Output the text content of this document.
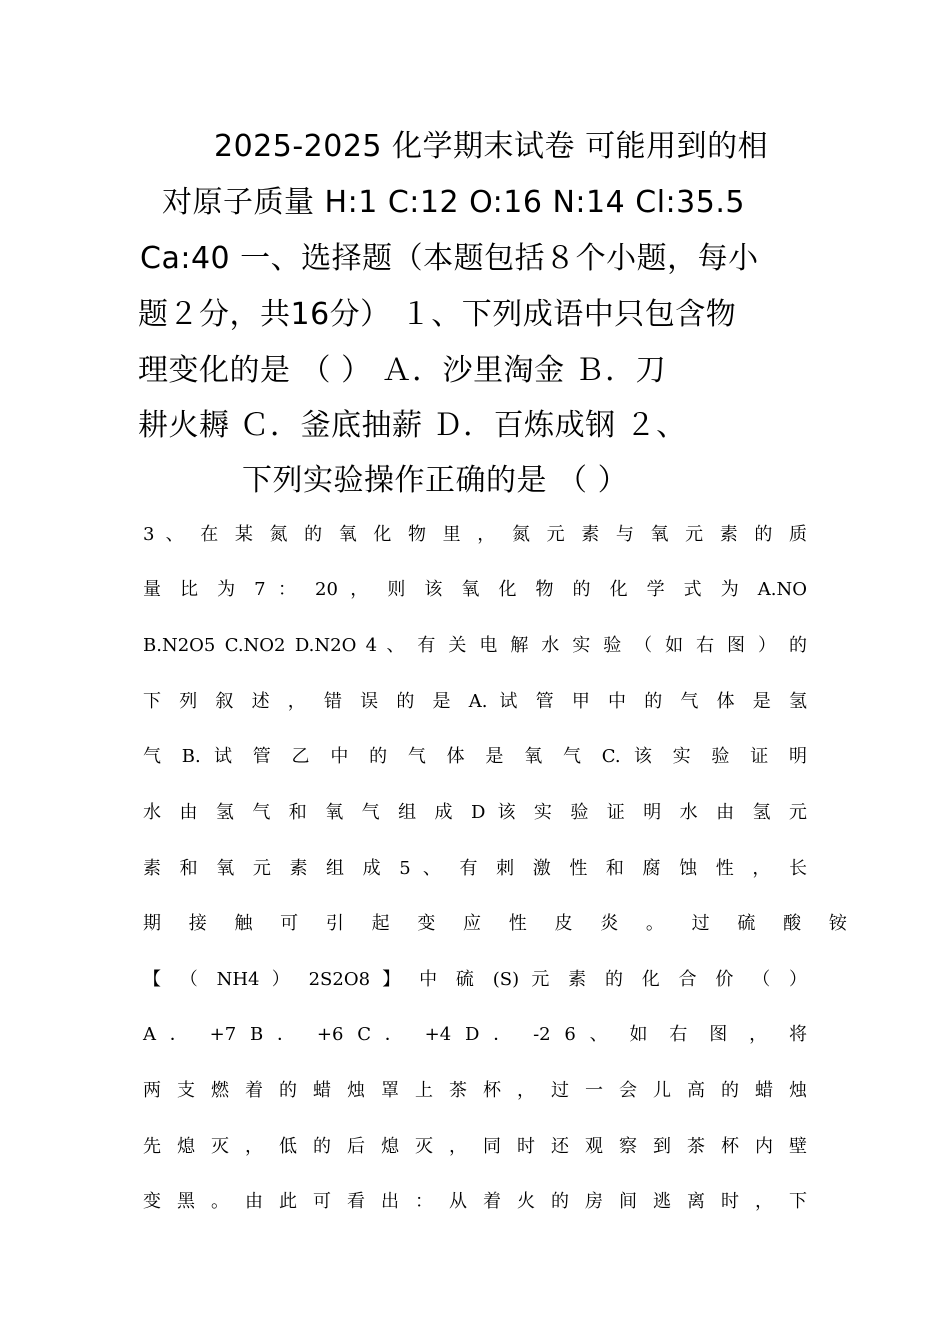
2025-2025 化学期末试卷 可能用到的相
对原子质量 H:1 C:12 O:16 N:14 Cl:35.5
Ca:40 一、选择题（本题包括８个小题，每小
题２分，共16分） １、下列成语中只包含物
理变化的是 （ ） Ａ．沙里淘金 Ｂ．刀
耕火耨 Ｃ．釜底抽薪 Ｄ．百炼成钢 ２、
下列实验操作正确的是 （ ）
3 、 在 某 氮 的 氧 化 物 里 ， 氮 元 素 与 氧 元 素 的 质
量 比 为 7 ： 20 ， 则 该 氧 化 物 的 化 学 式 为 A.NO
B.N2O5 C.NO2 D.N2O 4 、 有 关 电 解 水 实 验 （ 如 右 图 ） 的
下 列 叙 述 ， 错 误 的 是 A. 试 管 甲 中 的 气 体 是 氢
气 B. 试 管 乙 中 的 气 体 是 氧 气 C. 该 实 验 证 明
水 由 氢 气 和 氧 气 组 成 D 该 实 验 证 明 水 由 氢 元
素 和 氧 元 素 组 成 5 、 有 刺 激 性 和 腐 蚀 性 ， 长
期 接 触 可 引 起 变 应 性 皮 炎 。 过 硫 酸 铵
【 （ NH4 ） 2S2O8 】 中 硫 (S) 元 素 的 化 合 价 （ ）
A ． +7 B ． +6 C ． +4 D ． -2 6 、 如 右 图 ， 将
两 支 燃 着 的 蜡 烛 罩 上 茶 杯 ， 过 一 会 儿 高 的 蜡 烛
先 熄 灭 ， 低 的 后 熄 灭 ， 同 时 还 观 察 到 茶 杯 内 壁
变 黑 。 由 此 可 看 出 ： 从 着 火 的 房 间 逃 离 时 ， 下
